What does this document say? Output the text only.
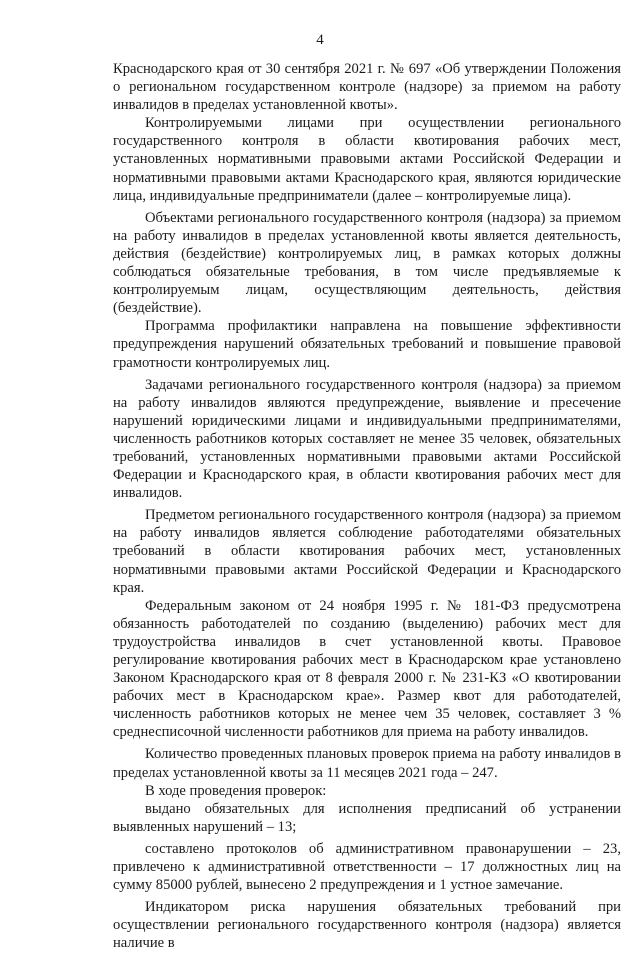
4

Краснодарского края от 30 сентября 2021 г. № 697 «Об утверждении Положения о региональном государственном контроле (надзоре) за приемом на работу инвалидов в пределах установленной квоты».

Контролируемыми лицами при осуществлении регионального государственного контроля в области квотирования рабочих мест, установленных нормативными правовыми актами Российской Федерации и нормативными правовыми актами Краснодарского края, являются юридические лица, индивидуальные предприниматели (далее – контролируемые лица).

Объектами регионального государственного контроля (надзора) за приемом на работу инвалидов в пределах установленной квоты является деятельность, действия (бездействие) контролируемых лиц, в рамках которых должны соблюдаться обязательные требования, в том числе предъявляемые к контролируемым лицам, осуществляющим деятельность, действия (бездействие).

Программа профилактики направлена на повышение эффективности предупреждения нарушений обязательных требований и повышение правовой грамотности контролируемых лиц.

Задачами регионального государственного контроля (надзора) за приемом на работу инвалидов являются предупреждение, выявление и пресечение нарушений юридическими лицами и индивидуальными предпринимателями, численность работников которых составляет не менее 35 человек, обязательных требований, установленных нормативными правовыми актами Российской Федерации и Краснодарского края, в области квотирования рабочих мест для инвалидов.

Предметом регионального государственного контроля (надзора) за приемом на работу инвалидов является соблюдение работодателями обязательных требований в области квотирования рабочих мест, установленных нормативными правовыми актами Российской Федерации и Краснодарского края.

Федеральным законом от 24 ноября 1995 г. № 181-ФЗ предусмотрена обязанность работодателей по созданию (выделению) рабочих мест для трудоустройства инвалидов в счет установленной квоты. Правовое регулирование квотирования рабочих мест в Краснодарском крае установлено Законом Краснодарского края от 8 февраля 2000 г. № 231-КЗ «О квотировании рабочих мест в Краснодарском крае». Размер квот для работодателей, численность работников которых не менее чем 35 человек, составляет 3 % среднесписочной численности работников для приема на работу инвалидов.

Количество проведенных плановых проверок приема на работу инвалидов в пределах установленной квоты за 11 месяцев 2021 года – 247.

В ходе проведения проверок:

выдано обязательных для исполнения предписаний об устранении выявленных нарушений – 13;

составлено протоколов об административном правонарушении – 23, привлечено к административной ответственности – 17 должностных лиц на сумму 85000 рублей, вынесено 2 предупреждения и 1 устное замечание.

Индикатором риска нарушения обязательных требований при осуществлении регионального государственного контроля (надзора) является наличие в
